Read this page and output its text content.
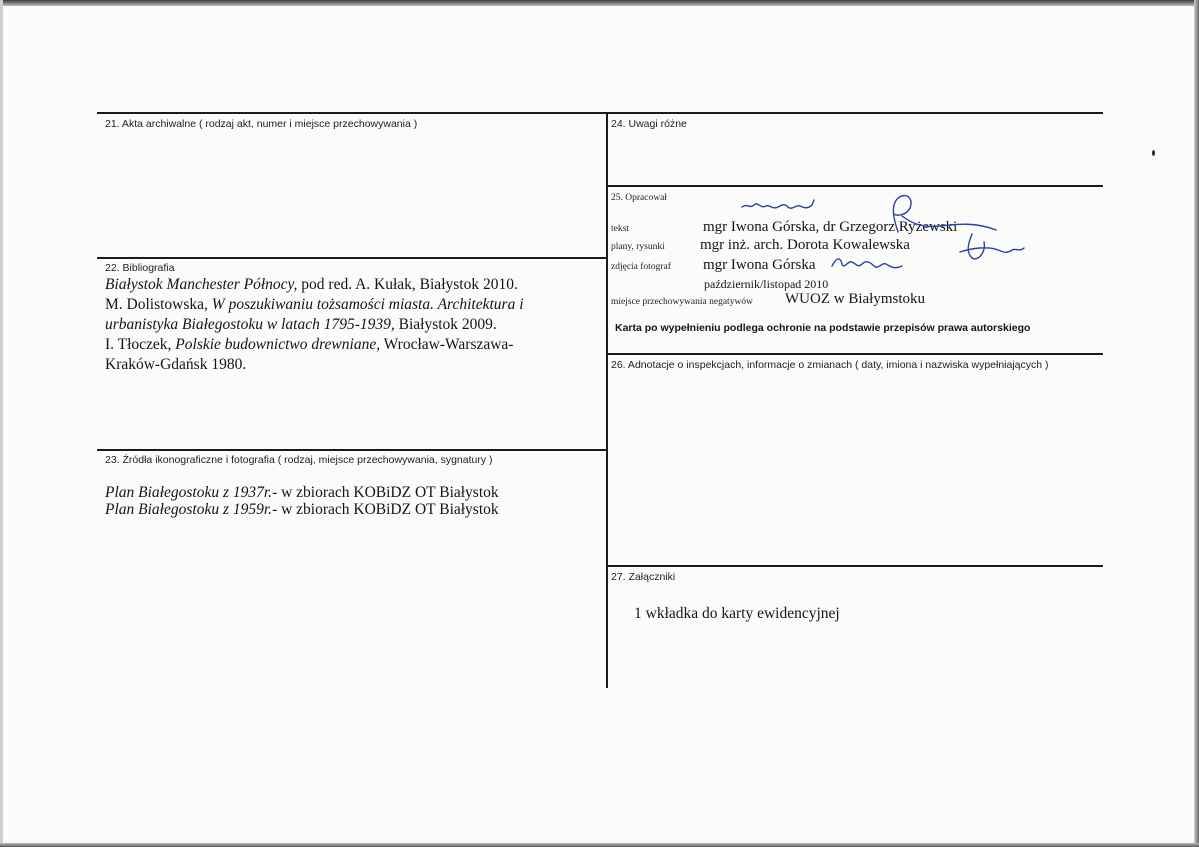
21. Akta archiwalne ( rodzaj akt, numer i miejsce przechowywania )
22. Bibliografia
Białystok Manchester Północy, pod red. A. Kułak, Białystok 2010.
M. Dolistowska, W poszukiwaniu tożsamości miasta. Architektura i
urbanistyka Białegostoku w latach 1795-1939, Białystok 2009.
I. Tłoczek, Polskie budownictwo drewniane, Wrocław-Warszawa-
Kraków-Gdańsk 1980.
23. Źródła ikonograficzne i fotografia ( rodzaj, miejsce przechowywania, sygnatury )
Plan Białegostoku z 1937r.- w zbiorach KOBiDZ OT Białystok
Plan Białegostoku z 1959r.- w zbiorach KOBiDZ OT Białystok
24. Uwagi różne
25. Opracował
tekst	mgr Iwona Górska, dr Grzegorz Ryżewski
plany, rysunki mgr inż. arch. Dorota Kowalewska
zdjęcia fotograf mgr Iwona Górska
październik/listopad 2010
miejsce przechowywania negatywów WUOZ w Białymstoku
Karta po wypełnieniu podlega ochronie na podstawie przepisów prawa autorskiego
26. Adnotacje o inspekcjach, informacje o zmianach ( daty, imiona i nazwiska wypełniających )
27. Załączniki
1 wkładka do karty ewidencyjnej
